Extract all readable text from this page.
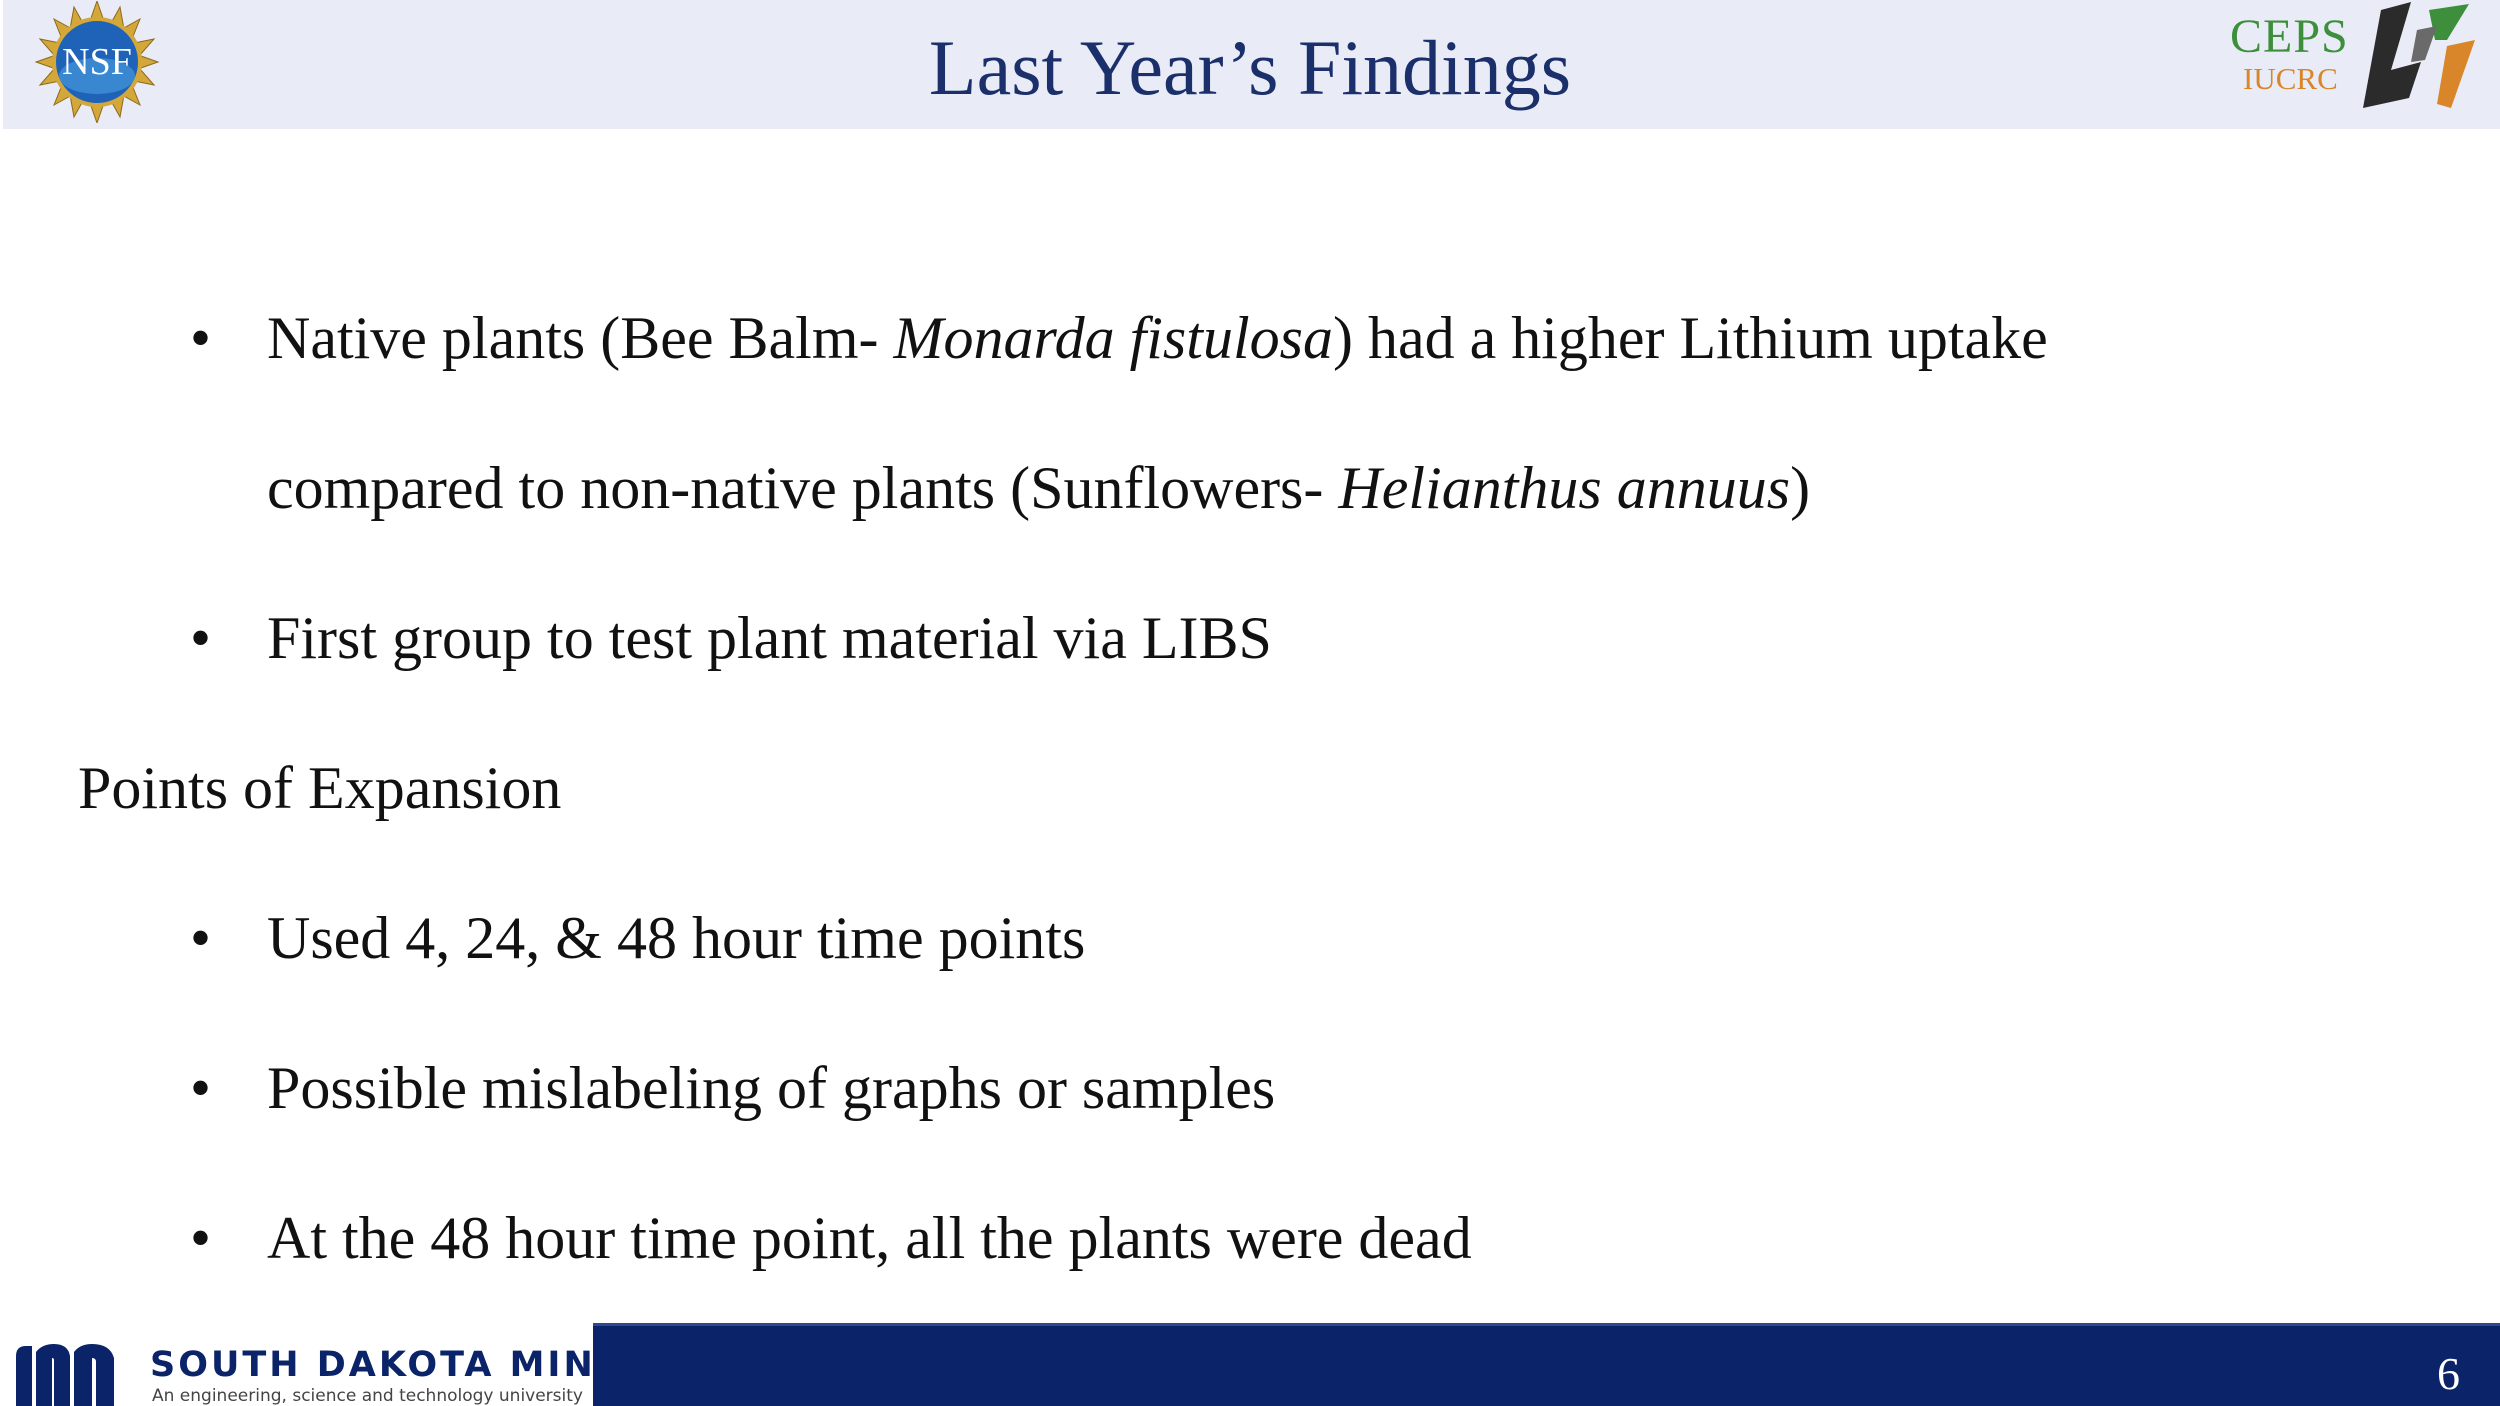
NSF	Last Year’s Findings	CEPS
IUCRC
• Native plants (Bee Balm- Monarda fistulosa) had a higher Lithium uptake
compared to non-native plants (Sunflowers- Helianthus annuus)
• First group to test plant material via LIBS
Points of Expansion
• Used 4, 24, & 48 hour time points
• Possible mislabeling of graphs or samples
• At the 48 hour time point, all the plants were dead
SOUTH DAKOTA MINES
An engineering, science and technology university	6
